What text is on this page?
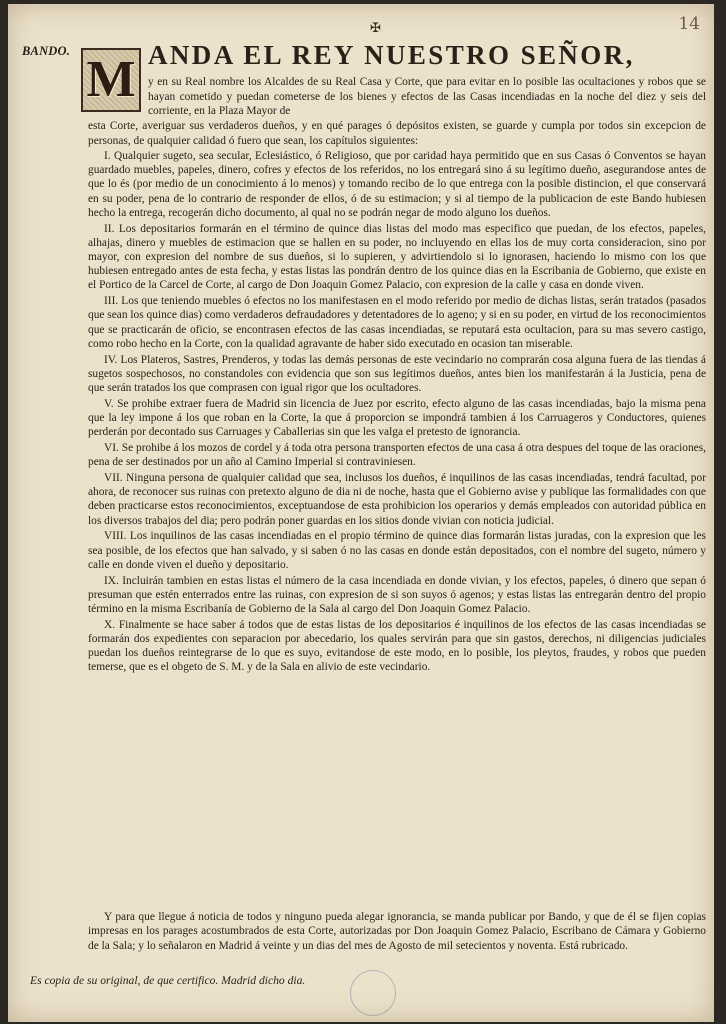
14
✠
BANDO. M ANDA EL REY NUESTRO SEÑOR,
y en su Real nombre los Alcaldes de su Real Casa y Corte, que para evitar en lo posible las ocultaciones y robos que se hayan cometido y puedan cometerse de los bienes y efectos de las Casas incendiadas en la noche del diez y seis del corriente, en la Plaza Mayor de
esta Corte, averiguar sus verdaderos dueños, y en qué parages ó depósitos existen, se guarde y cumpla por todos sin excepcion de personas, de qualquier calidad ó fuero que sean, los capítulos siguientes:

I. Qualquier sugeto, sea secular, Eclesiástico, ó Religioso, que por caridad haya permitido que en sus Casas ó Conventos se hayan guardado muebles, papeles, dinero, cofres y efectos de los referidos, no los entregará sino á su legítimo dueño, asegurandose antes de que lo és (por medio de un conocimiento á lo menos) y tomando recibo de lo que entrega con la posible distincion, el que conservará en su poder, pena de lo contrario de responder de ellos, ó de su estimacion; y si al tiempo de la publicacion de este Bando hubiesen hecho la entrega, recogerán dicho documento, al qual no se podrán negar de modo alguno los dueños.

II. Los depositarios formarán en el término de quince dias listas del modo mas especifico que puedan, de los efectos, papeles, alhajas, dinero y muebles de estimacion que se hallen en su poder, no incluyendo en ellas los de muy corta consideracion, sino por mayor, con expresion del nombre de sus dueños, si lo supieren, y advirtiendolo si lo ignorasen, haciendo lo mismo con los que hubiesen entregado antes de esta fecha, y estas listas las pondrán dentro de los quince dias en la Escribania de Gobierno, que existe en el Portico de la Carcel de Corte, al cargo de Don Joaquin Gomez Palacio, con expresion de la calle y casa en donde viven.

III. Los que teniendo muebles ó efectos no los manifestasen en el modo referido por medio de dichas listas, serán tratados (pasados que sean los quince dias) como verdaderos defraudadores y detentadores de lo ageno; y si en su poder, en virtud de los reconocimientos que se practicarán de oficio, se encontrasen efectos de las casas incendiadas, se reputará esta ocultacion, para su mas severo castigo, como robo hecho en la Corte, con la qualidad agravante de haber sido executado en ocasion tan miserable.

IV. Los Plateros, Sastres, Prenderos, y todas las demás personas de este vecindario no comprarán cosa alguna fuera de las tiendas á sugetos sospechosos, no constandoles con evidencia que son sus legítimos dueños, antes bien los manifestarán á la Justicia, pena de que serán tratados los que comprasen con igual rigor que los ocultadores.

V. Se prohibe extraer fuera de Madrid sin licencia de Juez por escrito, efecto alguno de las casas incendiadas, bajo la misma pena que la ley impone á los que roban en la Corte, la que á proporcion se impondrá tambien á los Carruageros y Conductores, quienes perderán por decontado sus Carruages y Caballerias sin que les valga el pretesto de ignorancia.

VI. Se prohibe á los mozos de cordel y á toda otra persona transporten efectos de una casa á otra despues del toque de las oraciones, pena de ser destinados por un año al Camino Imperial si contraviniesen.

VII. Ninguna persona de qualquier calidad que sea, inclusos los dueños, é inquilinos de las casas incendiadas, tendrá facultad, por ahora, de reconocer sus ruinas con pretexto alguno de dia ni de noche, hasta que el Gobierno avise y publique las formalidades con que deben practicarse estos reconocimientos, exceptuandose de esta prohibicion los operarios y demás empleados con autoridad pública en los diversos trabajos del dia; pero podrán poner guardas en los sitios donde vivian con noticia judicial.

VIII. Los inquilinos de las casas incendiadas en el propio término de quince dias formarán listas juradas, con la expresion que les sea posible, de los efectos que han salvado, y si saben ó no las casas en donde están depositados, con el nombre del sugeto, número y calle en donde viven el dueño y depositario.

IX. Incluirán tambien en estas listas el número de la casa incendiada en donde vivian, y los efectos, papeles, ó dinero que sepan ó presuman que estén enterrados entre las ruinas, con expresion de si son suyos ó agenos; y estas listas las entregarán dentro del propio término en la misma Escribanía de Gobierno de la Sala al cargo del Don Joaquin Gomez Palacio.

X. Finalmente se hace saber á todos que de estas listas de los depositarios é inquilinos de los efectos de las casas incendiadas se formarán dos expedientes con separacion por abecedario, los quales servirán para que sin gastos, derechos, ni diligencias judiciales puedan los dueños reintegrarse de lo que es suyo, evitandose de este modo, en lo posible, los pleytos, fraudes, y robos que pueden temerse, que es el obgeto de S. M. y de la Sala en alivio de este vecindario.

Y para que llegue á noticia de todos y ninguno pueda alegar ignorancia, se manda publicar por Bando, y que de él se fijen copias impresas en los parages acostumbrados de esta Corte, autorizadas por Don Joaquin Gomez Palacio, Escribano de Cámara y Gobierno de la Sala; y lo señalaron en Madrid á veinte y un dias del mes de Agosto de mil setecientos y noventa. Está rubricado.

Es copia de su original, de que certifico. Madrid dicho dia.
